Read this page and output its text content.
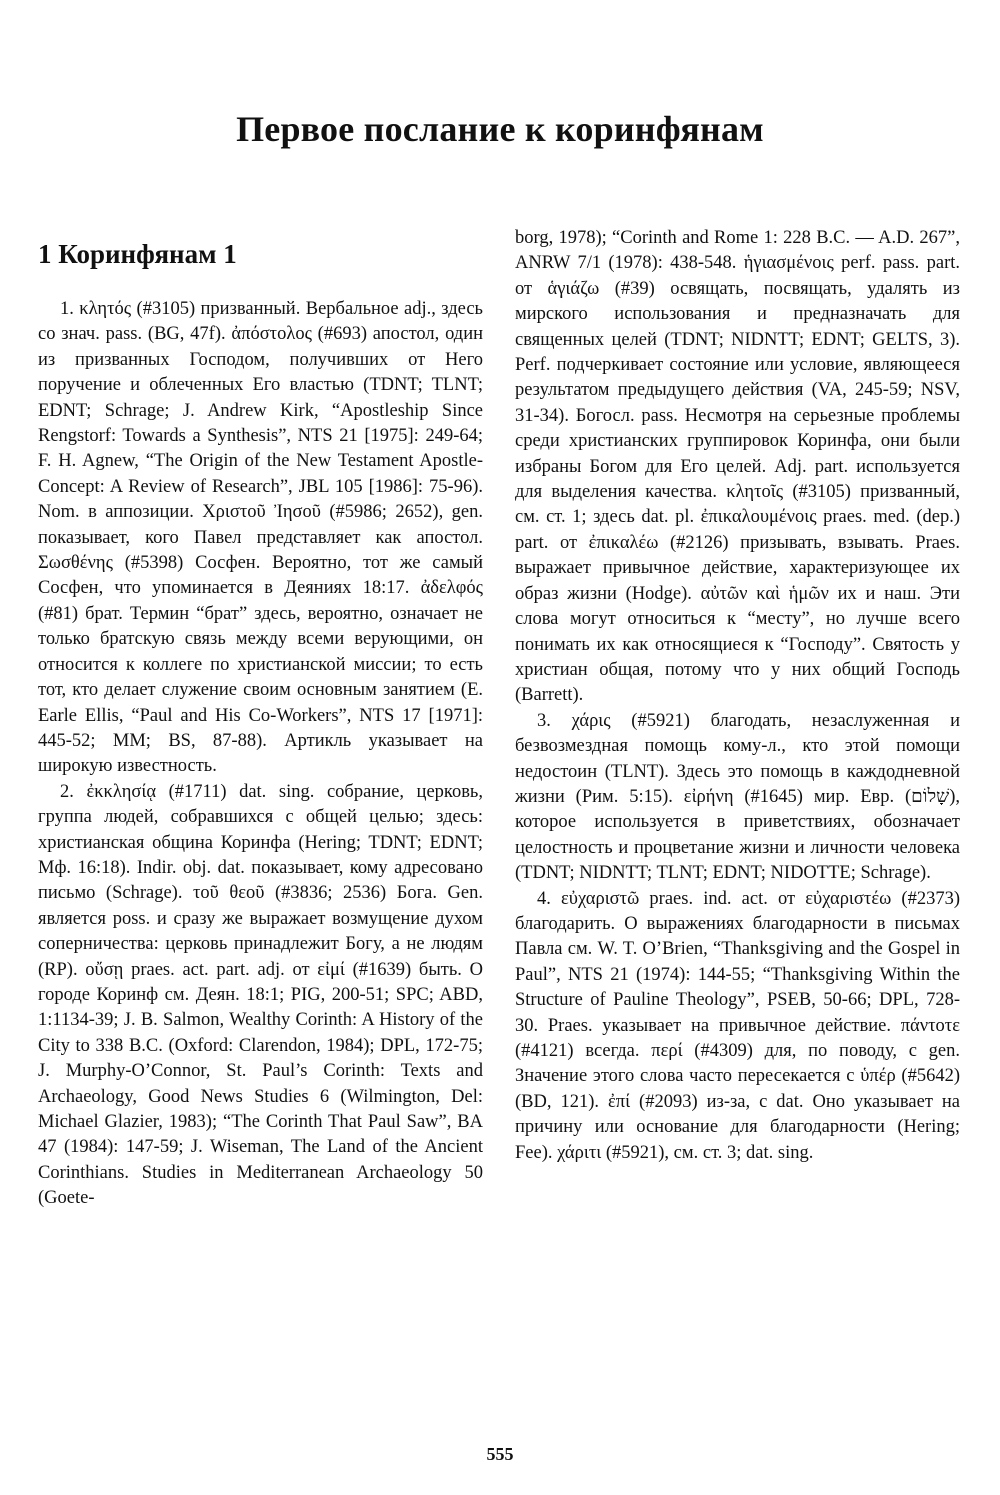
Первое послание к коринфянам
1 Коринфянам 1

1. κλητός (#3105) призванный. Вербальное adj., здесь со знач. pass. (BG, 47f). ἀπόστολος (#693) апостол, один из призванных Господом, получивших от Него поручение и облеченных Его властью (TDNT; TLNT; EDNT; Schrage; J. Andrew Kirk, “Apostleship Since Rengstorf: Towards a Synthesis”, NTS 21 [1975]: 249-64; F. H. Agnew, “The Origin of the New Testament Apostle-Concept: A Review of Research”, JBL 105 [1986]: 75-96). Nom. в аппозиции. Χριστοῦ Ἰησοῦ (#5986; 2652), gen. показывает, кого Павел представляет как апостол. Σωσθένης (#5398) Сосфен. Вероятно, тот же самый Сосфен, что упоминается в Деяниях 18:17. ἀδελφός (#81) брат. Термин “брат” здесь, вероятно, означает не только братскую связь между всеми верующими, он относится к коллеге по христианской миссии; то есть тот, кто делает служение своим основным занятием (E. Earle Ellis, “Paul and His Co-Workers”, NTS 17 [1971]: 445-52; MM; BS, 87-88). Артикль указывает на широкую известность.

2. ἐκκλησίᾳ (#1711) dat. sing. собрание, церковь, группа людей, собравшихся с общей целью; здесь: христианская община Коринфа (Hering; TDNT; EDNT; Мф. 16:18). Indir. obj. dat. показывает, кому адресовано письмо (Schrage). τοῦ θεοῦ (#3836; 2536) Бога. Gen. является poss. и сразу же выражает возмущение духом соперничества: церковь принадлежит Богу, а не людям (RP). οὔσῃ praes. act. part. adj. от εἰμί (#1639) быть. О городе Коринф см. Деян. 18:1; PIG, 200-51; SPC; ABD, 1:1134-39; J. B. Salmon, Wealthy Corinth: A History of the City to 338 B.C. (Oxford: Clarendon, 1984); DPL, 172-75; J. Murphy-O’Connor, St. Paul’s Corinth: Texts and Archaeology, Good News Studies 6 (Wilmington, Del: Michael Glazier, 1983); “The Corinth That Paul Saw”, BA 47 (1984): 147-59; J. Wiseman, The Land of the Ancient Corinthians. Studies in Mediterranean Archaeology 50 (Goete-

borg, 1978); “Corinth and Rome 1: 228 B.C. — A.D. 267”, ANRW 7/1 (1978): 438-548. ἡγιασμένοις perf. pass. part. от ἁγιάζω (#39) освящать, посвящать, удалять из мирского использования и предназначать для священных целей (TDNT; NIDNTT; EDNT; GELTS, 3). Perf. подчеркивает состояние или условие, являющееся результатом предыдущего действия (VA, 245-59; NSV, 31-34). Богосл. pass. Несмотря на серьезные проблемы среди христианских группировок Коринфа, они были избраны Богом для Его целей. Adj. part. используется для выделения качества. κλητοῖς (#3105) призванный, см. ст. 1; здесь dat. pl. ἐπικαλουμένοις praes. med. (dep.) part. от ἐπικαλέω (#2126) призывать, взывать. Praes. выражает привычное действие, характеризующее их образ жизни (Hodge). αὐτῶν καὶ ἡμῶν их и наш. Эти слова могут относиться к “месту”, но лучше всего понимать их как относящиеся к “Господу”. Святость у христиан общая, потому что у них общий Господь (Barrett).

3. χάρις (#5921) благодать, незаслуженная и безвозмездная помощь кому-л., кто этой помощи недостоин (TLNT). Здесь это помощь в каждодневной жизни (Рим. 5:15). εἰρήνη (#1645) мир. Евр. (שָׁלוֹם), которое используется в приветствиях, обозначает целостность и процветание жизни и личности человека (TDNT; NIDNTT; TLNT; EDNT; NIDOTTE; Schrage).

4. εὐχαριστῶ praes. ind. act. от εὐχαριστέω (#2373) благодарить. О выражениях благодарности в письмах Павла см. W. T. O’Brien, “Thanksgiving and the Gospel in Paul”, NTS 21 (1974): 144-55; “Thanksgiving Within the Structure of Pauline Theology”, PSEB, 50-66; DPL, 728-30. Praes. указывает на привычное действие. πάντοτε (#4121) всегда. περί (#4309) для, по поводу, с gen. Значение этого слова часто пересекается с ὑπέρ (#5642)(BD, 121). ἐπί (#2093) из-за, с dat. Оно указывает на причину или основание для благодарности (Hering; Fee). χάριτι (#5921), см. ст. 3; dat. sing.

555
